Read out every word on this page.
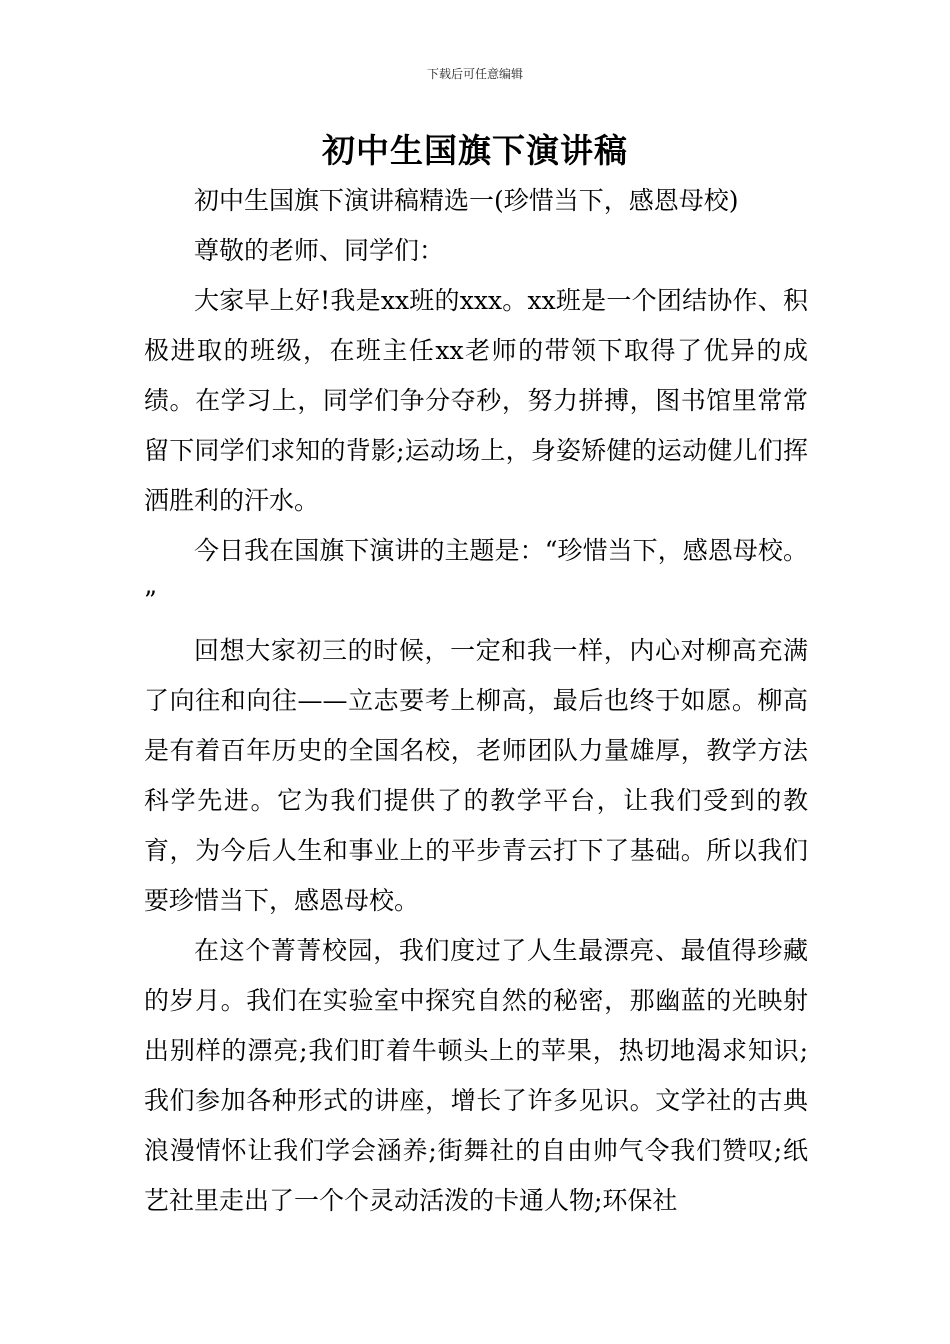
下载后可任意编辑
初中生国旗下演讲稿

初中生国旗下演讲稿精选一(珍惜当下，感恩母校)

尊敬的老师、同学们：

大家早上好!我是xx班的xxx。xx班是一个团结协作、积极进取的班级，在班主任xx老师的带领下取得了优异的成绩。在学习上，同学们争分夺秒，努力拼搏，图书馆里常常留下同学们求知的背影;运动场上，身姿矫健的运动健儿们挥洒胜利的汗水。

今日我在国旗下演讲的主题是：“珍惜当下，感恩母校。 ”

回想大家初三的时候，一定和我一样，内心对柳高充满了向往和向往——立志要考上柳高，最后也终于如愿。柳高是有着百年历史的全国名校，老师团队力量雄厚，教学方法科学先进。它为我们提供了的教学平台，让我们受到的教育，为今后人生和事业上的平步青云打下了基础。所以我们要珍惜当下，感恩母校。

在这个菁菁校园，我们度过了人生最漂亮、最值得珍藏的岁月。我们在实验室中探究自然的秘密，那幽蓝的光映射出别样的漂亮;我们盯着牛顿头上的苹果，热切地渴求知识;我们参加各种形式的讲座，增长了许多见识。文学社的古典浪漫情怀让我们学会涵养;街舞社的自由帅气令我们赞叹;纸艺社里走出了一个个灵动活泼的卡通人物;环保社
